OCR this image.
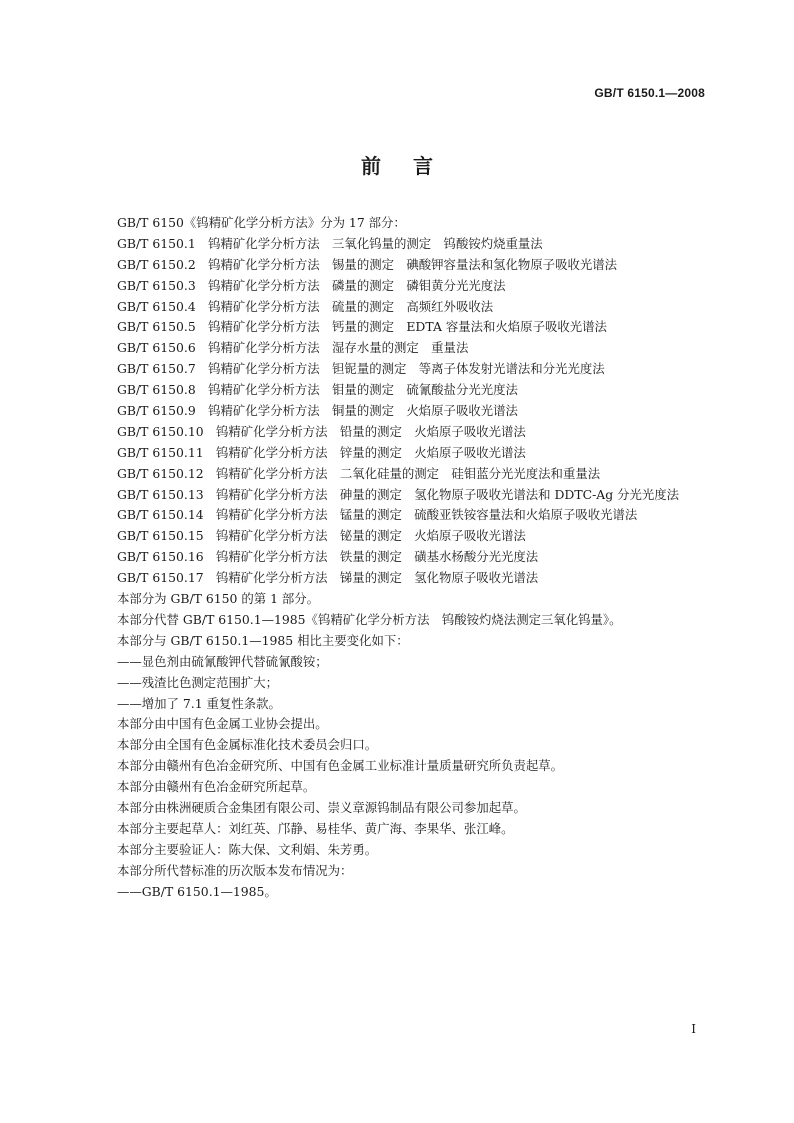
GB/T 6150.1—2008
前言

GB/T 6150《钨精矿化学分析方法》分为 17 部分：

GB/T 6150.1　钨精矿化学分析方法　三氧化钨量的测定　钨酸铵灼烧重量法

GB/T 6150.2　钨精矿化学分析方法　锡量的测定　碘酸钾容量法和氢化物原子吸收光谱法

GB/T 6150.3　钨精矿化学分析方法　磷量的测定　磷钼黄分光光度法

GB/T 6150.4　钨精矿化学分析方法　硫量的测定　高频红外吸收法

GB/T 6150.5　钨精矿化学分析方法　钙量的测定　EDTA 容量法和火焰原子吸收光谱法

GB/T 6150.6　钨精矿化学分析方法　湿存水量的测定　重量法

GB/T 6150.7　钨精矿化学分析方法　钽铌量的测定　等离子体发射光谱法和分光光度法

GB/T 6150.8　钨精矿化学分析方法　钼量的测定　硫氰酸盐分光光度法

GB/T 6150.9　钨精矿化学分析方法　铜量的测定　火焰原子吸收光谱法

GB/T 6150.10　钨精矿化学分析方法　铅量的测定　火焰原子吸收光谱法

GB/T 6150.11　钨精矿化学分析方法　锌量的测定　火焰原子吸收光谱法

GB/T 6150.12　钨精矿化学分析方法　二氧化硅量的测定　硅钼蓝分光光度法和重量法

GB/T 6150.13　钨精矿化学分析方法　砷量的测定　氢化物原子吸收光谱法和 DDTC-Ag 分光光度法

GB/T 6150.14　钨精矿化学分析方法　锰量的测定　硫酸亚铁铵容量法和火焰原子吸收光谱法

GB/T 6150.15　钨精矿化学分析方法　铋量的测定　火焰原子吸收光谱法

GB/T 6150.16　钨精矿化学分析方法　铁量的测定　磺基水杨酸分光光度法

GB/T 6150.17　钨精矿化学分析方法　锑量的测定　氢化物原子吸收光谱法

本部分为 GB/T 6150 的第 1 部分。

本部分代替 GB/T 6150.1—1985《钨精矿化学分析方法　钨酸铵灼烧法测定三氧化钨量》。

本部分与 GB/T 6150.1—1985 相比主要变化如下：

——显色剂由硫氰酸钾代替硫氰酸铵；

——残渣比色测定范围扩大；

——增加了 7.1 重复性条款。

本部分由中国有色金属工业协会提出。

本部分由全国有色金属标准化技术委员会归口。

本部分由赣州有色冶金研究所、中国有色金属工业标准计量质量研究所负责起草。

本部分由赣州有色冶金研究所起草。

本部分由株洲硬质合金集团有限公司、崇义章源钨制品有限公司参加起草。

本部分主要起草人：刘红英、邝静、易桂华、黄广海、李果华、张江峰。

本部分主要验证人：陈大保、文利娟、朱芳勇。

本部分所代替标准的历次版本发布情况为：

——GB/T 6150.1—1985。

I
